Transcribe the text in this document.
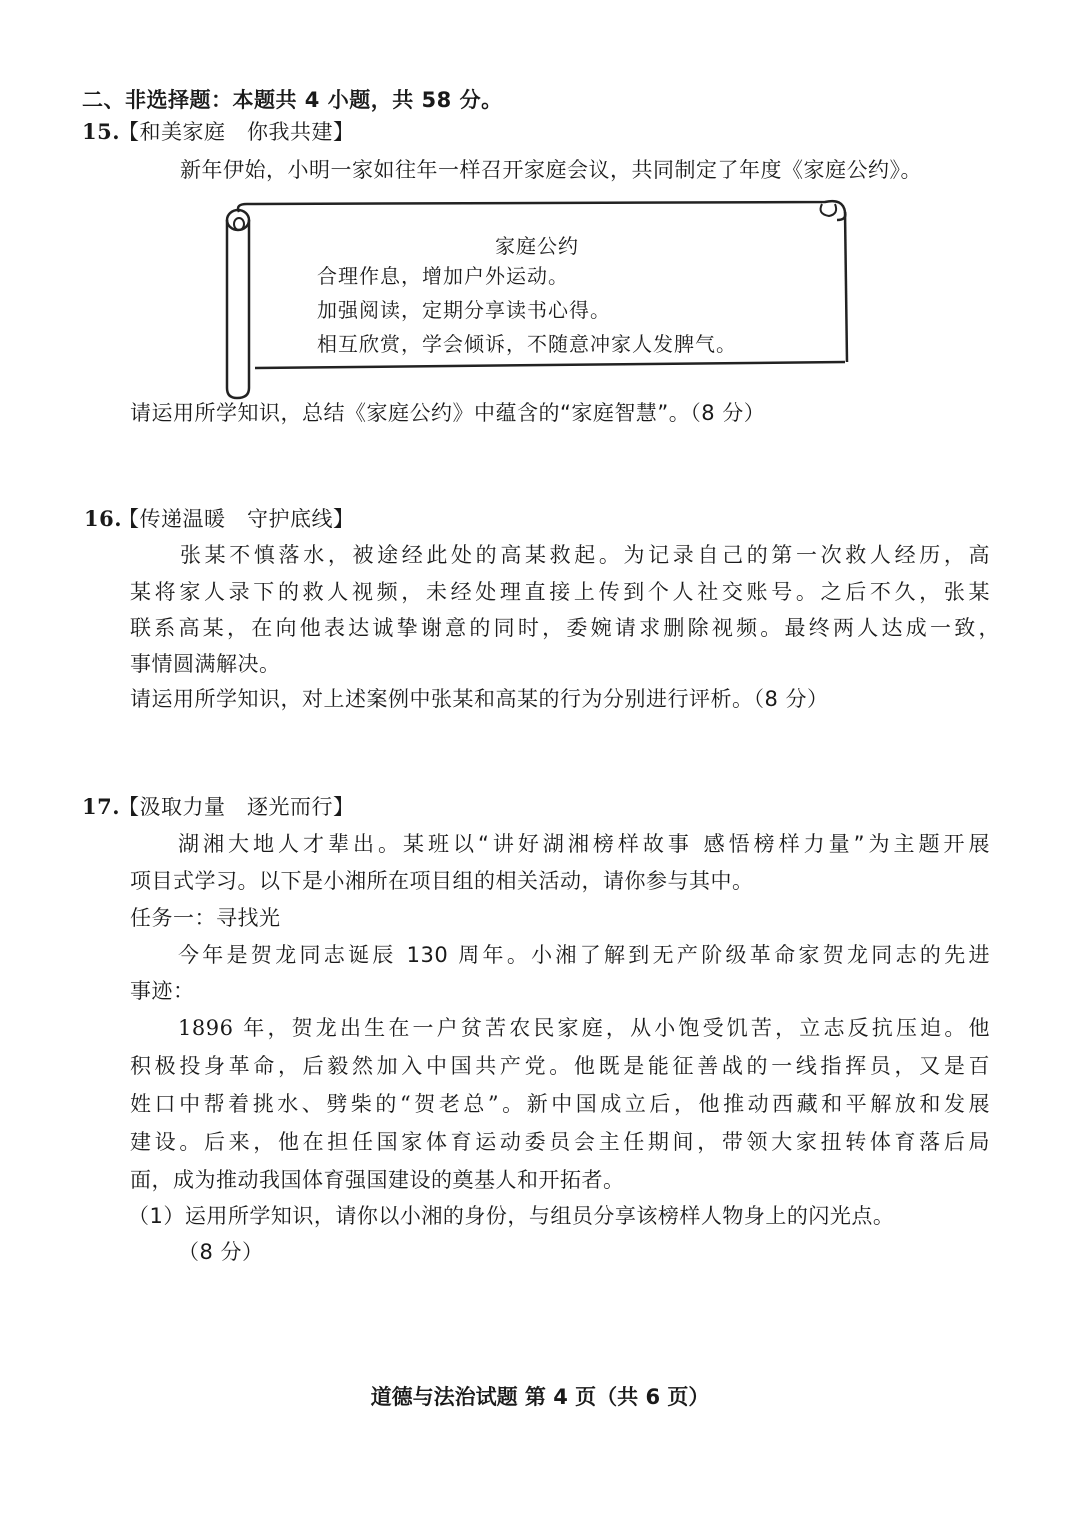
二、非选择题：本题共 4 小题，共 58 分。
15.
【和美家庭　你我共建】
新年伊始，小明一家如往年一样召开家庭会议，共同制定了年度《家庭公约》。
家庭公约
合理作息，增加户外运动。
加强阅读，定期分享读书心得。
相互欣赏，学会倾诉，不随意冲家人发脾气。
请运用所学知识，总结《家庭公约》中蕴含的“家庭智慧”。（8 分）
16.
【传递温暖　守护底线】
张某不慎落水，被途经此处的高某救起。为记录自己的第一次救人经历，高
某将家人录下的救人视频，未经处理直接上传到个人社交账号。之后不久，张某
联系高某，在向他表达诚挚谢意的同时，委婉请求删除视频。最终两人达成一致，
事情圆满解决。
请运用所学知识，对上述案例中张某和高某的行为分别进行评析。（8 分）
17.
【汲取力量　逐光而行】
湖湘大地人才辈出。某班以“讲好湖湘榜样故事 感悟榜样力量”为主题开展
项目式学习。以下是小湘所在项目组的相关活动，请你参与其中。
任务一：寻找光
今年是贺龙同志诞辰 130 周年。小湘了解到无产阶级革命家贺龙同志的先进
事迹：
1896 年，贺龙出生在一户贫苦农民家庭，从小饱受饥苦，立志反抗压迫。他
积极投身革命，后毅然加入中国共产党。他既是能征善战的一线指挥员，又是百
姓口中帮着挑水、劈柴的“贺老总”。新中国成立后，他推动西藏和平解放和发展
建设。后来，他在担任国家体育运动委员会主任期间，带领大家扭转体育落后局
面，成为推动我国体育强国建设的奠基人和开拓者。
（1）运用所学知识，请你以小湘的身份，与组员分享该榜样人物身上的闪光点。
（8 分）
道德与法治试题 第 4 页（共 6 页）
